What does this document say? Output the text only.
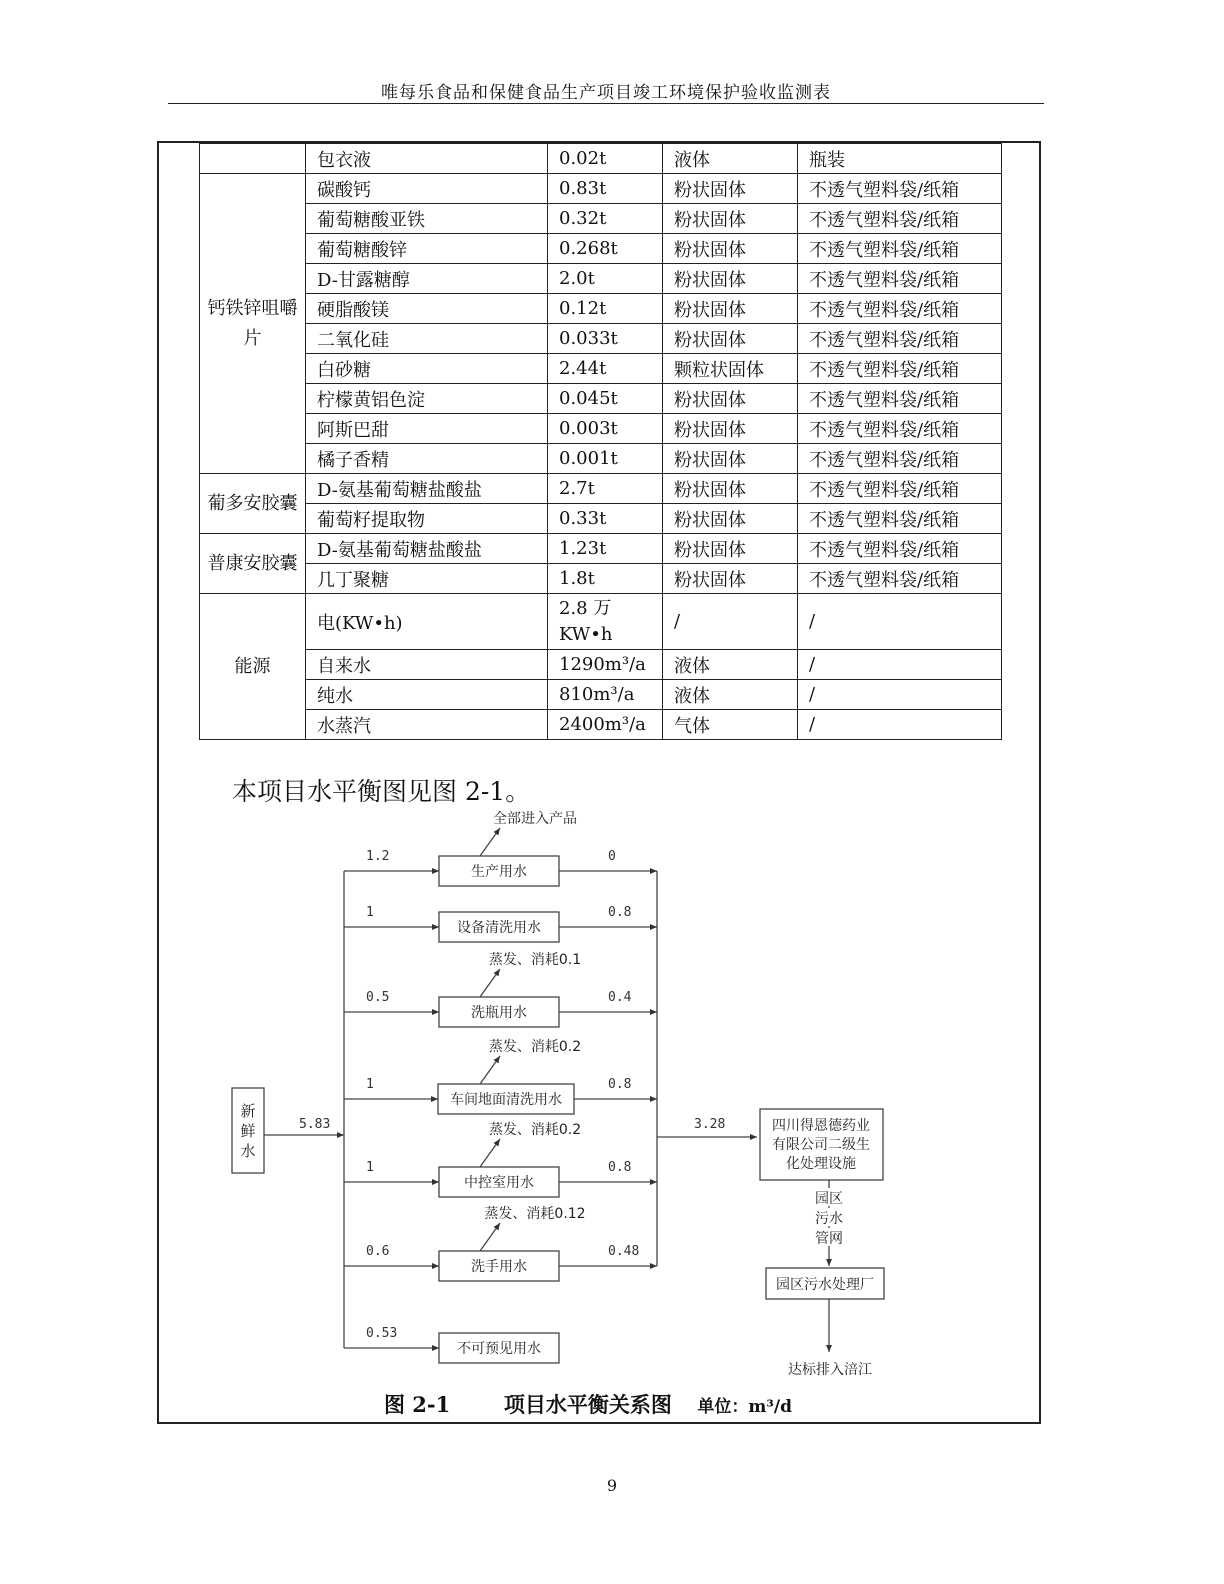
唯每乐食品和保健食品生产项目竣工环境保护验收监测表
	包衣液	0.02t	液体	瓶装
钙铁锌咀嚼片	碳酸钙	0.83t	粉状固体	不透气塑料袋/纸箱
	葡萄糖酸亚铁	0.32t	粉状固体	不透气塑料袋/纸箱
	葡萄糖酸锌	0.268t	粉状固体	不透气塑料袋/纸箱
	D-甘露糖醇	2.0t	粉状固体	不透气塑料袋/纸箱
	硬脂酸镁	0.12t	粉状固体	不透气塑料袋/纸箱
	二氧化硅	0.033t	粉状固体	不透气塑料袋/纸箱
	白砂糖	2.44t	颗粒状固体	不透气塑料袋/纸箱
	柠檬黄铝色淀	0.045t	粉状固体	不透气塑料袋/纸箱
	阿斯巴甜	0.003t	粉状固体	不透气塑料袋/纸箱
	橘子香精	0.001t	粉状固体	不透气塑料袋/纸箱
葡多安胶囊	D-氨基葡萄糖盐酸盐	2.7t	粉状固体	不透气塑料袋/纸箱
	葡萄籽提取物	0.33t	粉状固体	不透气塑料袋/纸箱
普康安胶囊	D-氨基葡萄糖盐酸盐	1.23t	粉状固体	不透气塑料袋/纸箱
	几丁聚糖	1.8t	粉状固体	不透气塑料袋/纸箱
能源	电(KW•h)	2.8 万 KW•h	/	/
	自来水	1290m³/a	液体	/
	纯水	810m³/a	液体	/
	水蒸汽	2400m³/a	气体	/
本项目水平衡图见图 2-1。
新
鲜
水
5.83
1.2
生产用水
0
全部进入产品
1
设备清洗用水
0.8
0.5
洗瓶用水
0.4
蒸发、消耗0.1
1
车间地面清洗用水
0.8
蒸发、消耗0.2
1
中控室用水
0.8
蒸发、消耗0.2
0.6
洗手用水
0.48
蒸发、消耗0.12
0.53
不可预见用水
3.28	四川得恩德药业
有限公司二级生
化处理设施
园区
污水
管网
园区污水处理厂
达标排入涪江
图 2-1	项目水平衡关系图 单位：m³/d
9
